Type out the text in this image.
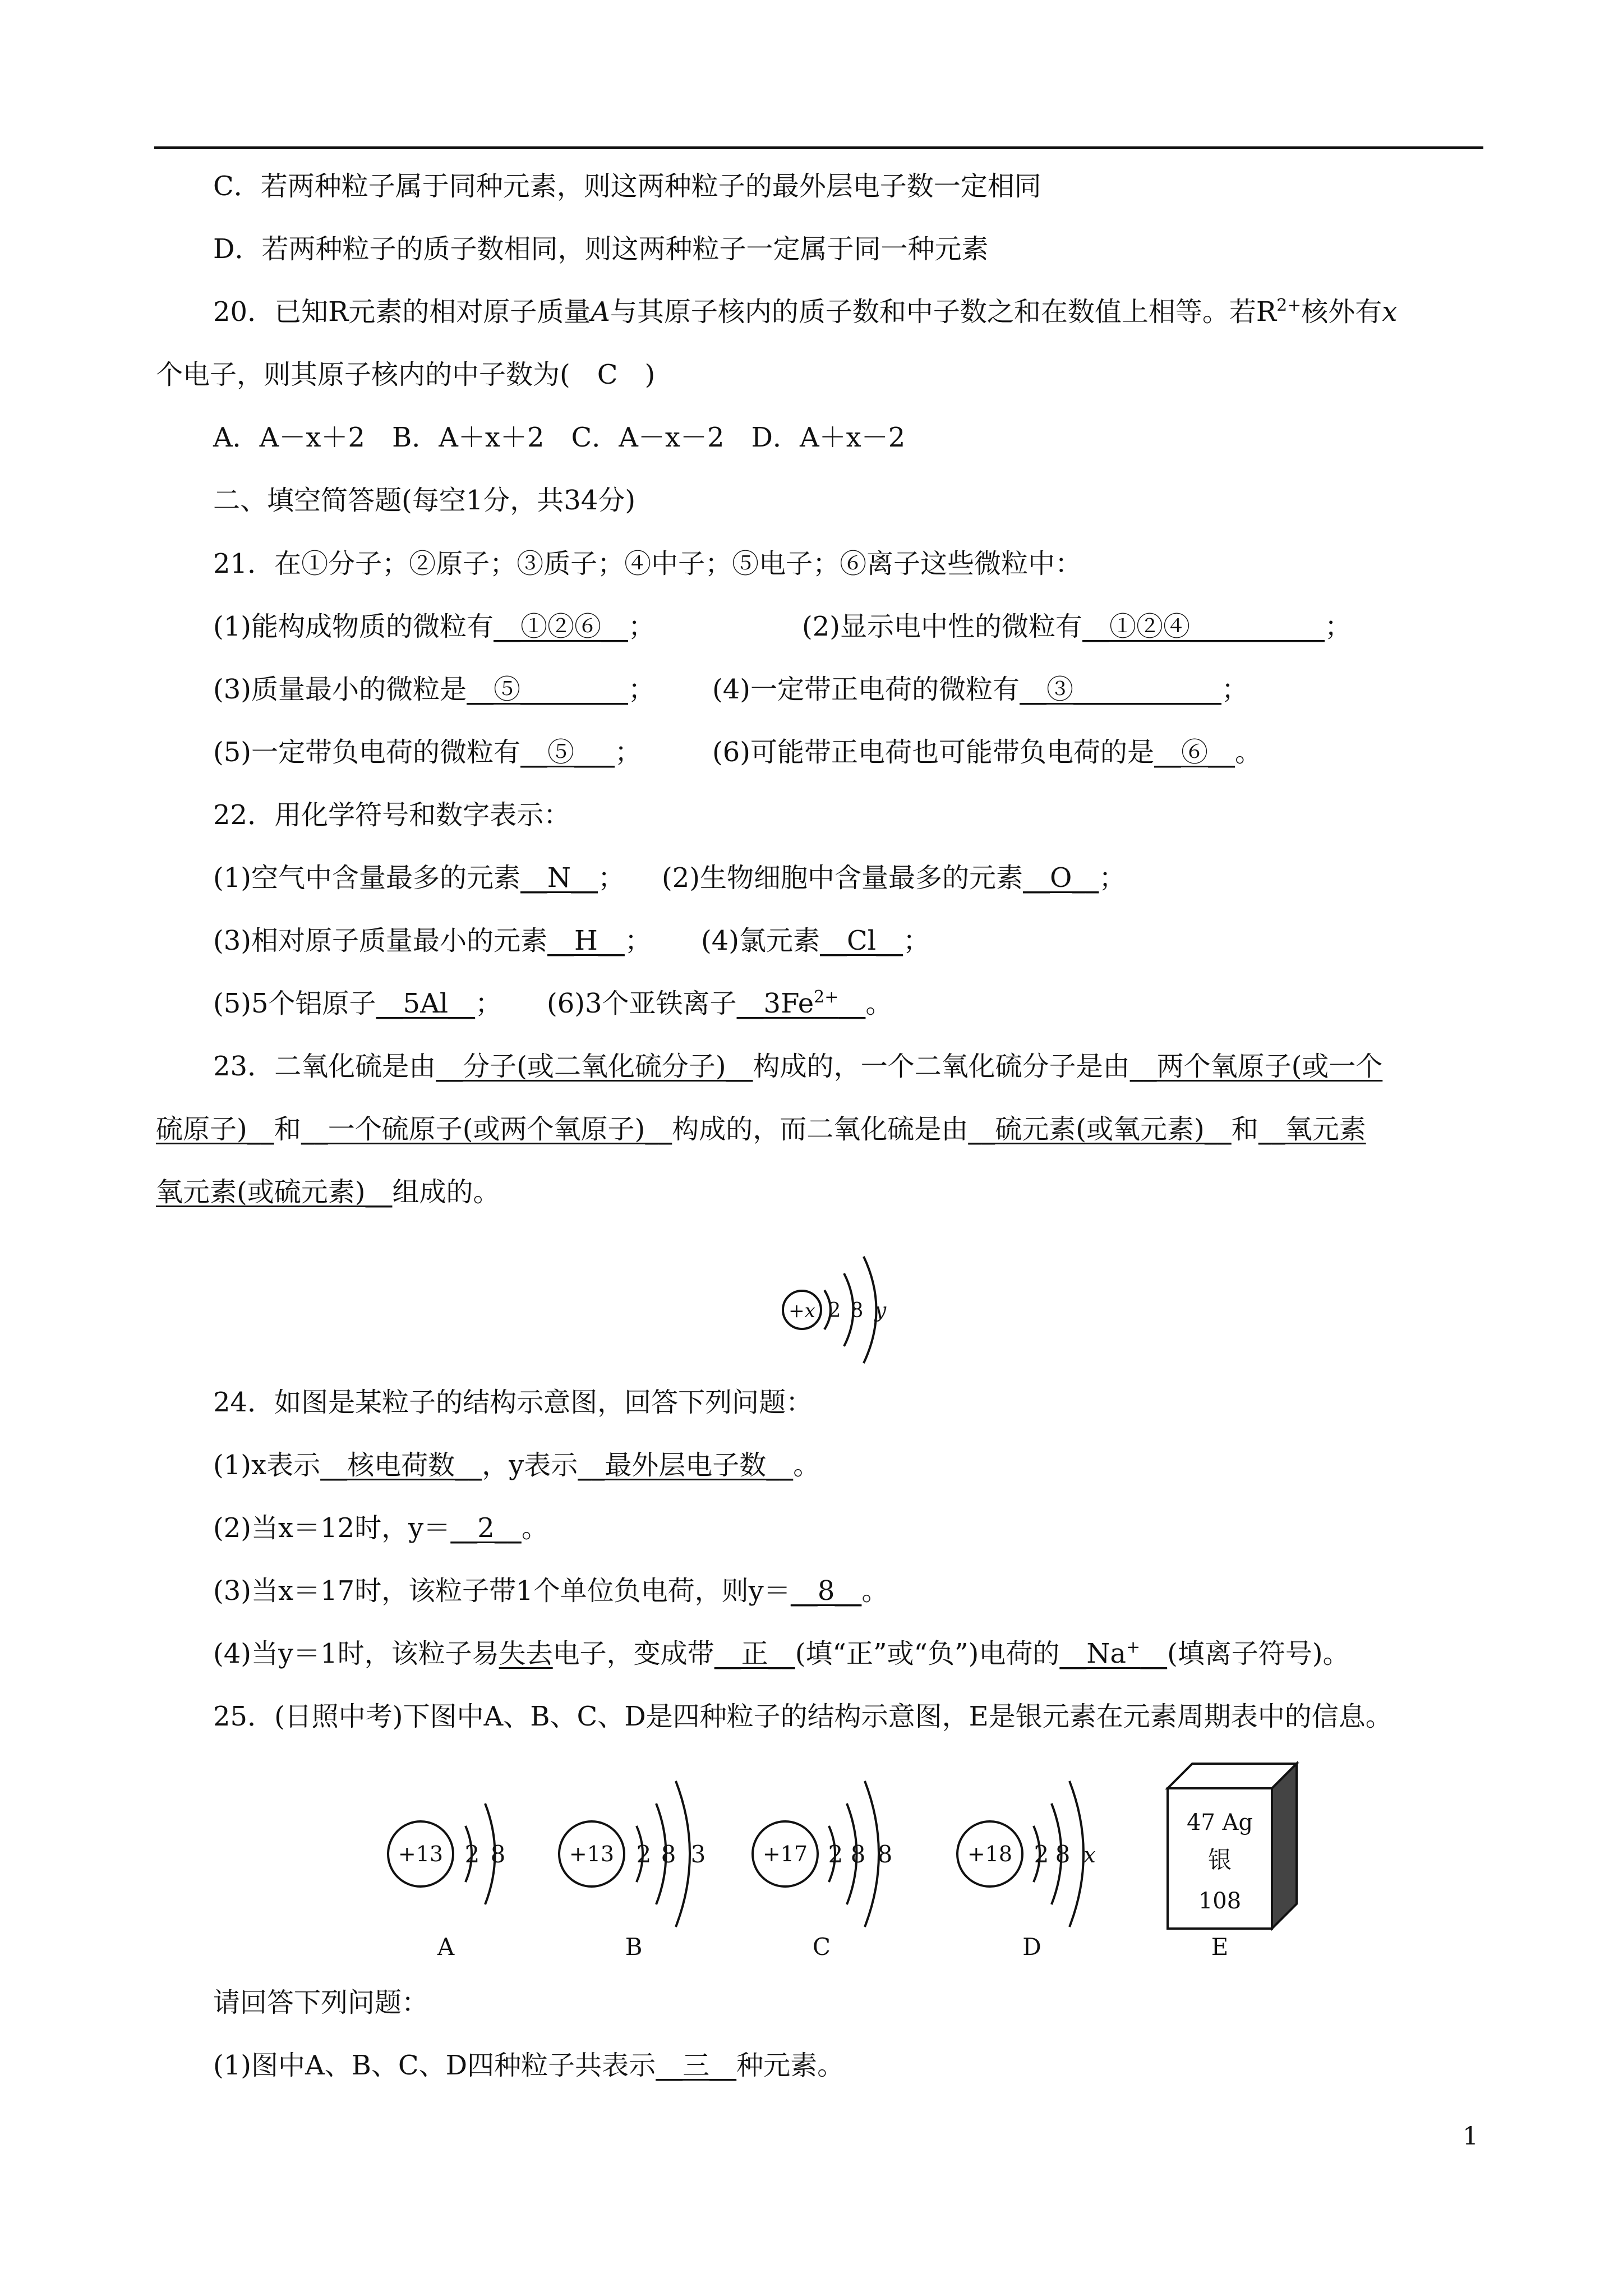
C．若两种粒子属于同种元素，则这两种粒子的最外层电子数一定相同
D．若两种粒子的质子数相同，则这两种粒子一定属于同一种元素
20．已知R元素的相对原子质量A与其原子核内的质子数和中子数之和在数值上相等。若$R^{2+}$核外有x
个电子，则其原子核内的中子数为(　C　)
A．A－x＋2　B．A＋x＋2　C．A－x－2　D．A＋x－2
二、填空简答题(每空1分，共34分)
21．在①分子；②原子；③质子；④中子；⑤电子；⑥离子这些微粒中：
(1)能构成物质的微粒有__①②⑥__；	(2)显示电中性的微粒有__①②④__________；
(3)质量最小的微粒是__⑤________； (4)一定带正电荷的微粒有__③___________；
(5)一定带负电荷的微粒有__⑤___；	(6)可能带正电荷也可能带负电荷的是__⑥__。
22．用化学符号和数字表示：
(1)空气中含量最多的元素__N__； (2)生物细胞中含量最多的元素__O__；
(3)相对原子质量最小的元素__H__； (4)氯元素__Cl__；
(5)5个铝原子__5Al__； (6)3个亚铁离子$\_\_3Fe^{2+}\_\_$。
23．二氧化硫是由__分子(或二氧化硫分子)__构成的，一个二氧化硫分子是由__两个氧原子(或一个
硫原子)__和__一个硫原子(或两个氧原子)__构成的，而二氧化硫是由__硫元素(或氧元素)__和__氧元素
氧元素(或硫元素)__组成的。
+x 2 8 y
24．如图是某粒子的结构示意图，回答下列问题：
(1)x表示__核电荷数__，y表示__最外层电子数__。
(2)当x＝12时，y＝__2__。
(3)当x＝17时，该粒子带1个单位负电荷，则y＝__8__。
(4)当y＝1时，该粒子易失去电子，变成带__正__(填“正”或“负”)电荷的__Na+__(填离子符号)。
25．(日照中考)下图中A、B、C、D是四种粒子的结构示意图，E是银元素在元素周期表中的信息。
+13 2 8
A
+13 2 8 3
B
+17 2 8 8
C
+18 2 8 x
D
47 Ag
银
108
E
请回答下列问题：
(1)图中A、B、C、D四种粒子共表示__三__种元素。
1
